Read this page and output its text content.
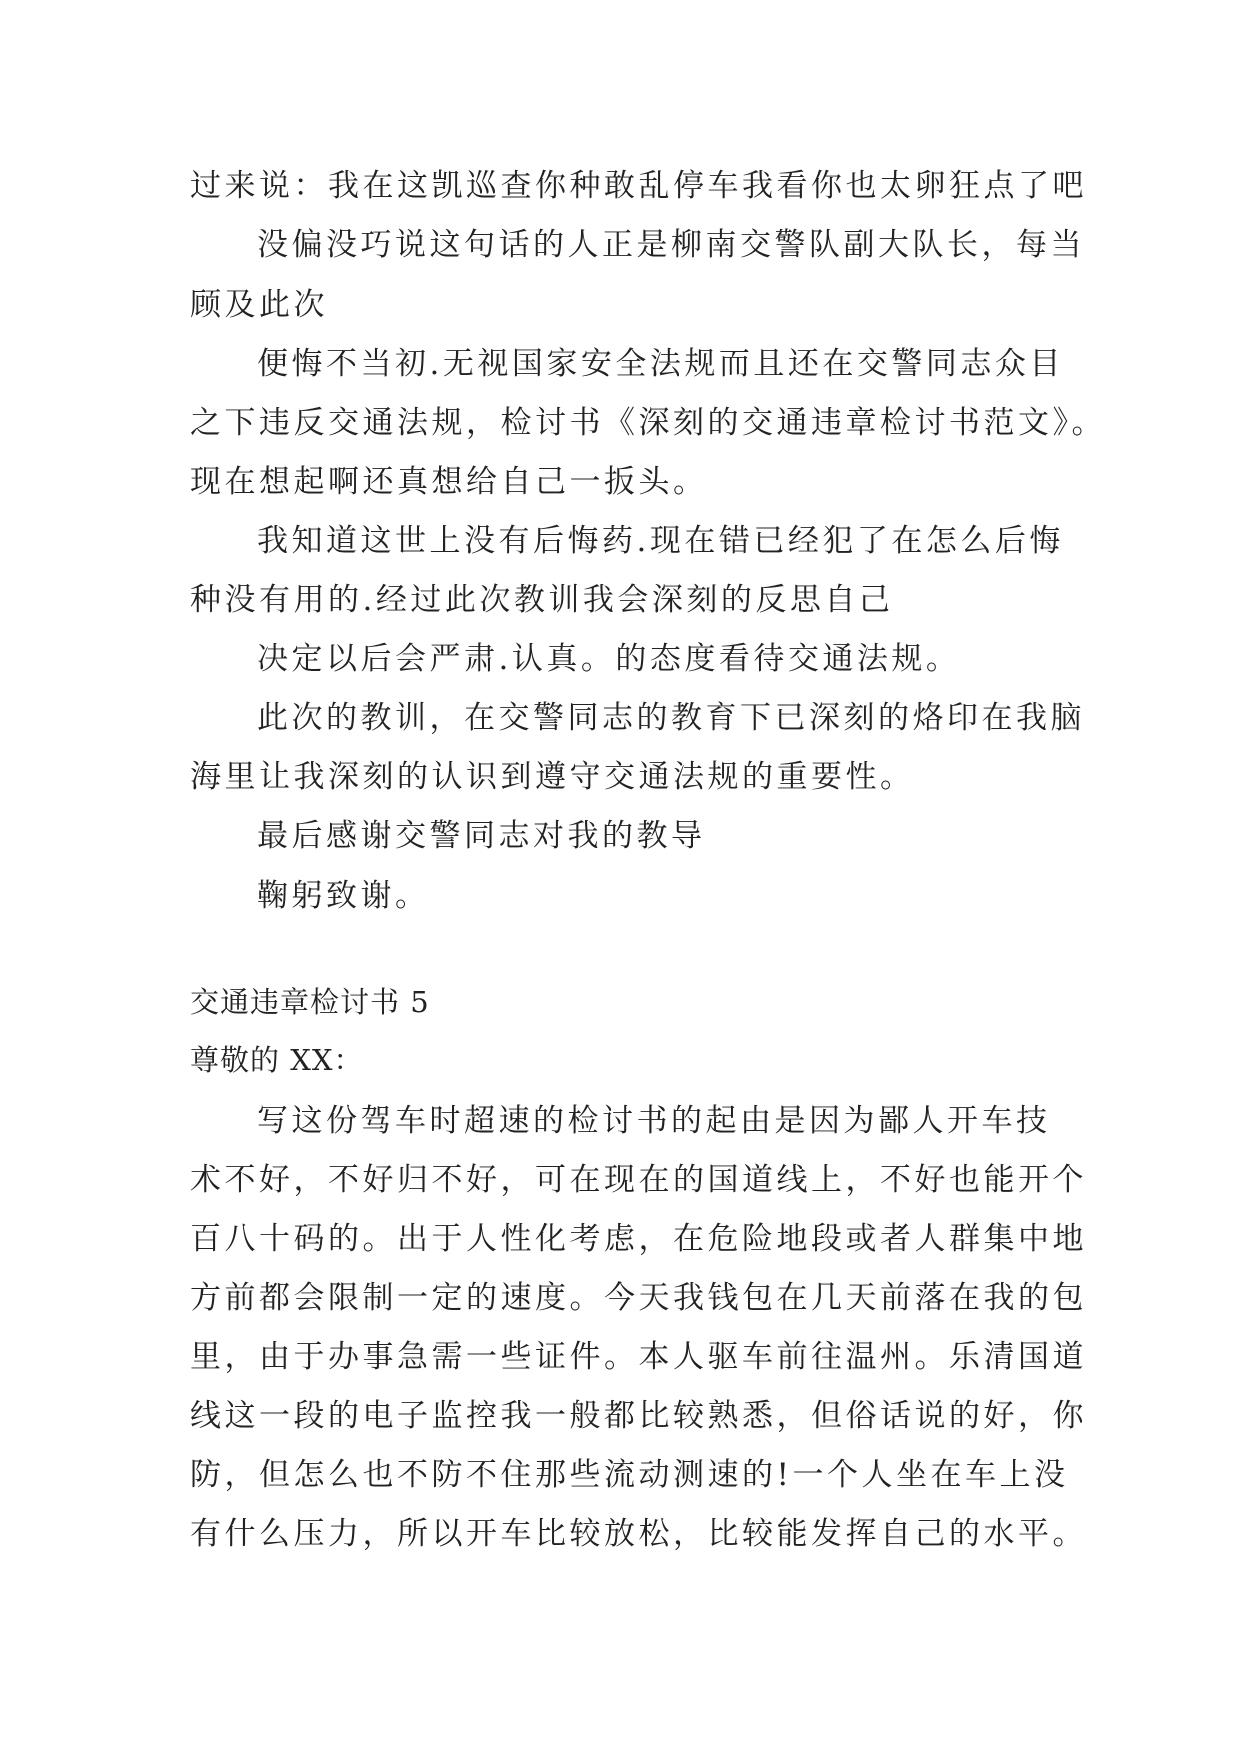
过来说：我在这凯巡查你种敢乱停车我看你也太卵狂点了吧

没偏没巧说这句话的人正是柳南交警队副大队长，每当

顾及此次

便悔不当初.无视国家安全法规而且还在交警同志众目

之下违反交通法规，检讨书《深刻的交通违章检讨书范文》。

现在想起啊还真想给自己一扳头。

我知道这世上没有后悔药.现在错已经犯了在怎么后悔

种没有用的.经过此次教训我会深刻的反思自己

决定以后会严肃.认真。的态度看待交通法规。

此次的教训，在交警同志的教育下已深刻的烙印在我脑

海里让我深刻的认识到遵守交通法规的重要性。

最后感谢交警同志对我的教导

鞠躬致谢。

交通违章检讨书 5

尊敬的 XX：

写这份驾车时超速的检讨书的起由是因为鄙人开车技

术不好，不好归不好，可在现在的国道线上，不好也能开个

百八十码的。出于人性化考虑，在危险地段或者人群集中地

方前都会限制一定的速度。今天我钱包在几天前落在我的包

里，由于办事急需一些证件。本人驱车前往温州。乐清国道

线这一段的电子监控我一般都比较熟悉，但俗话说的好，你

防，但怎么也不防不住那些流动测速的!一个人坐在车上没

有什么压力，所以开车比较放松，比较能发挥自己的水平。
